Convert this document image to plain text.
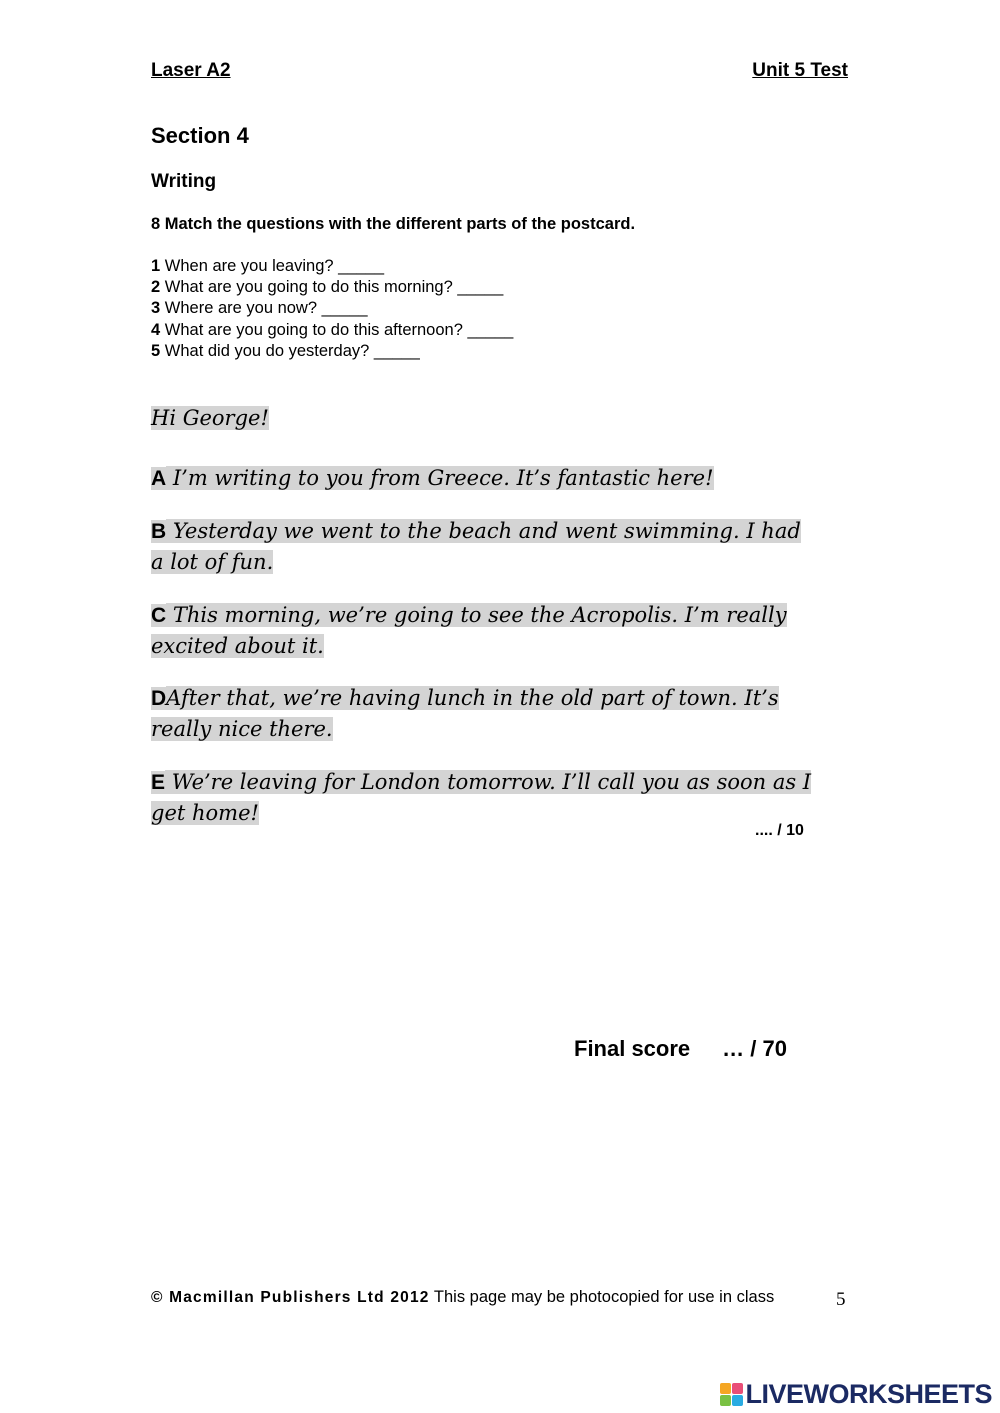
Laser A2	Unit 5 Test
Section 4
Writing
8 Match the questions with the different parts of the postcard.
1 When are you leaving? _____
2 What are you going to do this morning? _____
3 Where are you now? _____
4 What are you going to do this afternoon? _____
5 What did you do yesterday? _____
Hi George!
A I’m writing to you from Greece. It’s fantastic here!
B Yesterday we went to the beach and went swimming. I had a lot of fun.
C This morning, we’re going to see the Acropolis. I’m really excited about it.
DAfter that, we’re having lunch in the old part of town. It’s really nice there.
E We’re leaving for London tomorrow. I’ll call you as soon as I get home!
.... / 10
Final score … / 70
© Macmillan Publishers Ltd 2012 This page may be photocopied for use in class	5
LIVEWORKSHEETS
